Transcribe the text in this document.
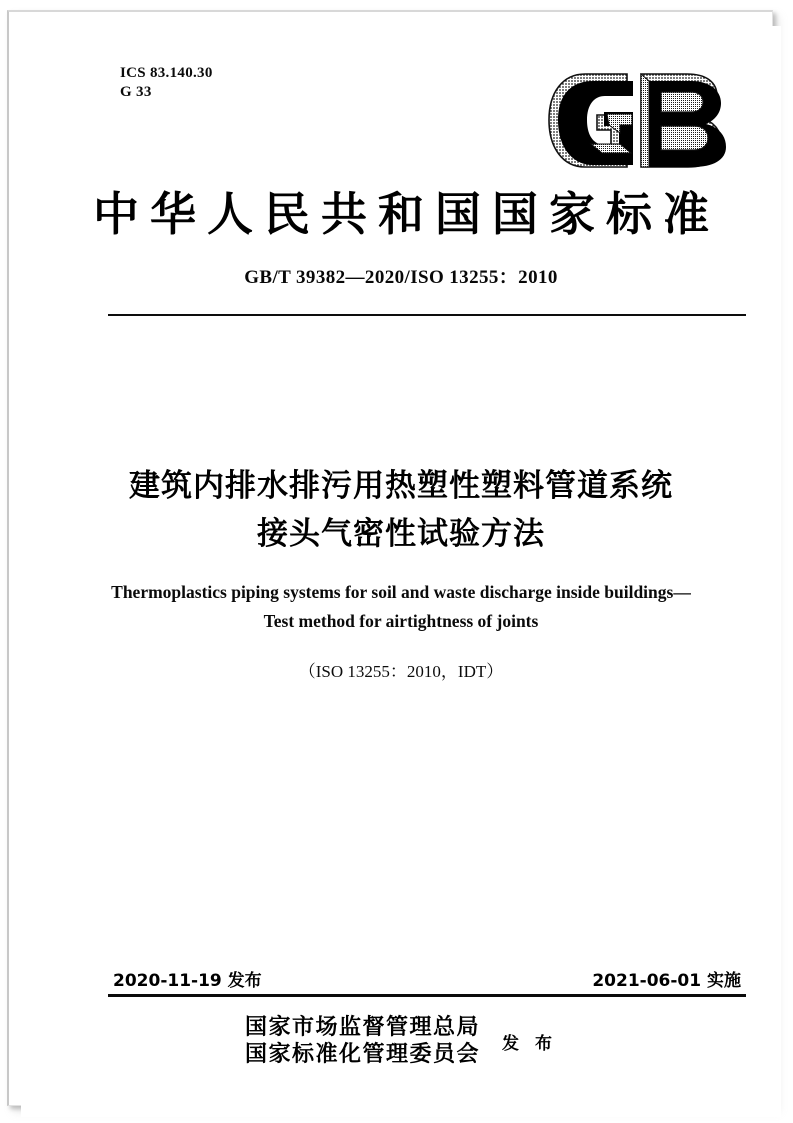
ICS 83.140.30
G 33
中华人民共和国国家标准
GB/T 39382—2020/ISO 13255：2010
建筑内排水排污用热塑性塑料管道系统
接头气密性试验方法
Thermoplastics piping systems for soil and waste discharge inside buildings—
Test method for airtightness of joints
（ISO 13255：2010，IDT）
2020-11-19 发布	2021-06-01 实施
国家市场监督管理总局
国家标准化管理委员会 发 布
